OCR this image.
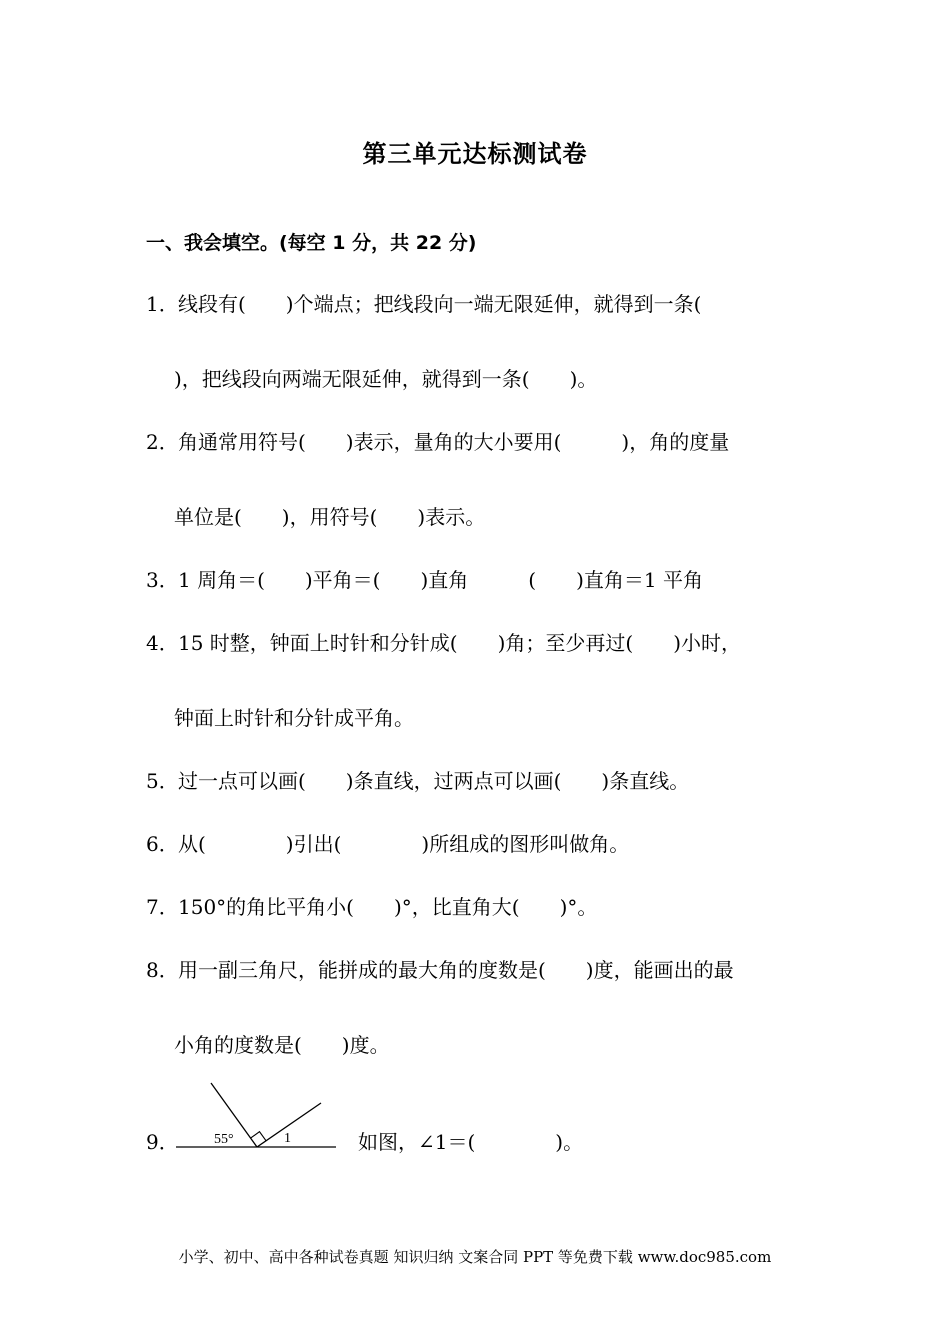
第三单元达标测试卷
一、我会填空。(每空 1 分，共 22 分)
1．线段有(　　)个端点；把线段向一端无限延伸，就得到一条(
)，把线段向两端无限延伸，就得到一条(　　)。
2．角通常用符号(　　)表示，量角的大小要用(　　　)，角的度量
单位是(　　)，用符号(　　)表示。
3．1 周角＝(　　)平角＝(　　)直角　　　(　　)直角＝1 平角
4．15 时整，钟面上时针和分针成(　　)角；至少再过(　　)小时，
钟面上时针和分针成平角。
5．过一点可以画(　　)条直线，过两点可以画(　　)条直线。
6．从(　　　　)引出(　　　　)所组成的图形叫做角。
7．150°的角比平角小(　　)°，比直角大(　　)°。
8．用一副三角尺，能拼成的最大角的度数是(　　)度，能画出的最
小角的度数是(　　)度。
9．	55°	1	如图，∠1＝(　　　　)。
小学、初中、高中各种试卷真题 知识归纳 文案合同 PPT 等免费下载 www.doc985.com
